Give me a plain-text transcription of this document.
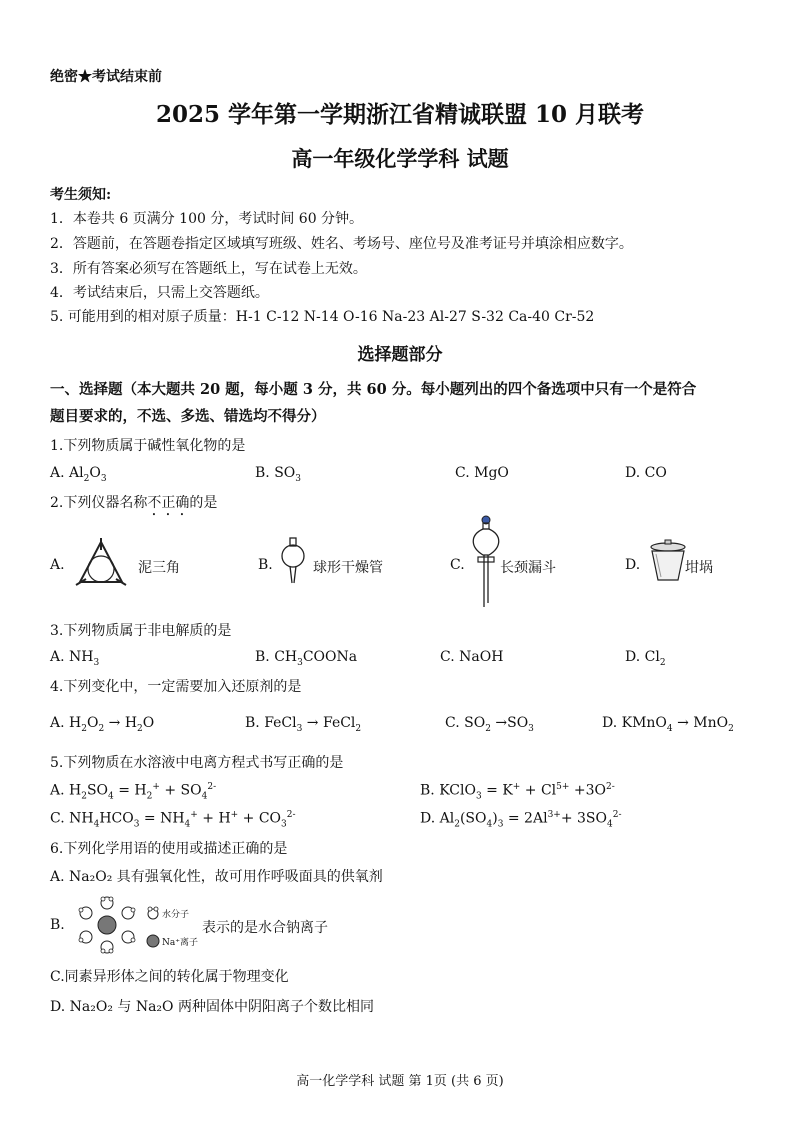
绝密★考试结束前
2025 学年第一学期浙江省精诚联盟 10 月联考
高一年级化学学科 试题
考生须知:
1．本卷共 6 页满分 100 分，考试时间 60 分钟。
2．答题前，在答题卷指定区域填写班级、姓名、考场号、座位号及准考证号并填涂相应数字。
3．所有答案必须写在答题纸上，写在试卷上无效。
4．考试结束后，只需上交答题纸。
5. 可能用到的相对原子质量：H-1 C-12 N-14 O-16 Na-23 Al-27 S-32 Ca-40 Cr-52
选择题部分
一、选择题（本大题共 20 题，每小题 3 分，共 60 分。每小题列出的四个备选项中只有一个是符合
题目要求的，不选、多选、错选均不得分）
1.下列物质属于碱性氧化物的是
A. $Al_2O_3$	B. $SO_3$	C. MgO	D. CO
2.下列仪器名称不正确的是
A.	泥三角	B.	球形干燥管	C.	长颈漏斗	D.	坩埚
3.下列物质属于非电解质的是
A. $NH_3$	B. $CH_3COONa$	C. NaOH	D. $Cl_2$
4.下列变化中，一定需要加入还原剂的是
A. $H_2O_2 \to H_2O$	B. FeCl$_3$ → FeCl$_2$	C. $SO_2 \to SO_3$	D. KMnO$_4$ → MnO$_2$
5.下列物质在水溶液中电离方程式书写正确的是
A. $H_2SO_4 = H_2^+ + SO_4^{2-}$	B. KClO$_3$ = $K^+ + Cl^{5+} +3O^{2-}$
C. $NH_4HCO_3 = NH_4^+ + H^+ + CO_3^{2-}$	D. $Al_2(SO_4)_3 = 2Al^{3+}+ 3SO_4^{2-}$
6.下列化学用语的使用或描述正确的是
A. Na₂O₂ 具有强氧化性，故可用作呼吸面具的供氧剂
B.
水分子
Na⁺离子
表示的是水合钠离子
C.同素异形体之间的转化属于物理变化
D. Na₂O₂ 与 Na₂O 两种固体中阴阳离子个数比相同
高一化学学科 试题 第 1页 (共 6 页)
